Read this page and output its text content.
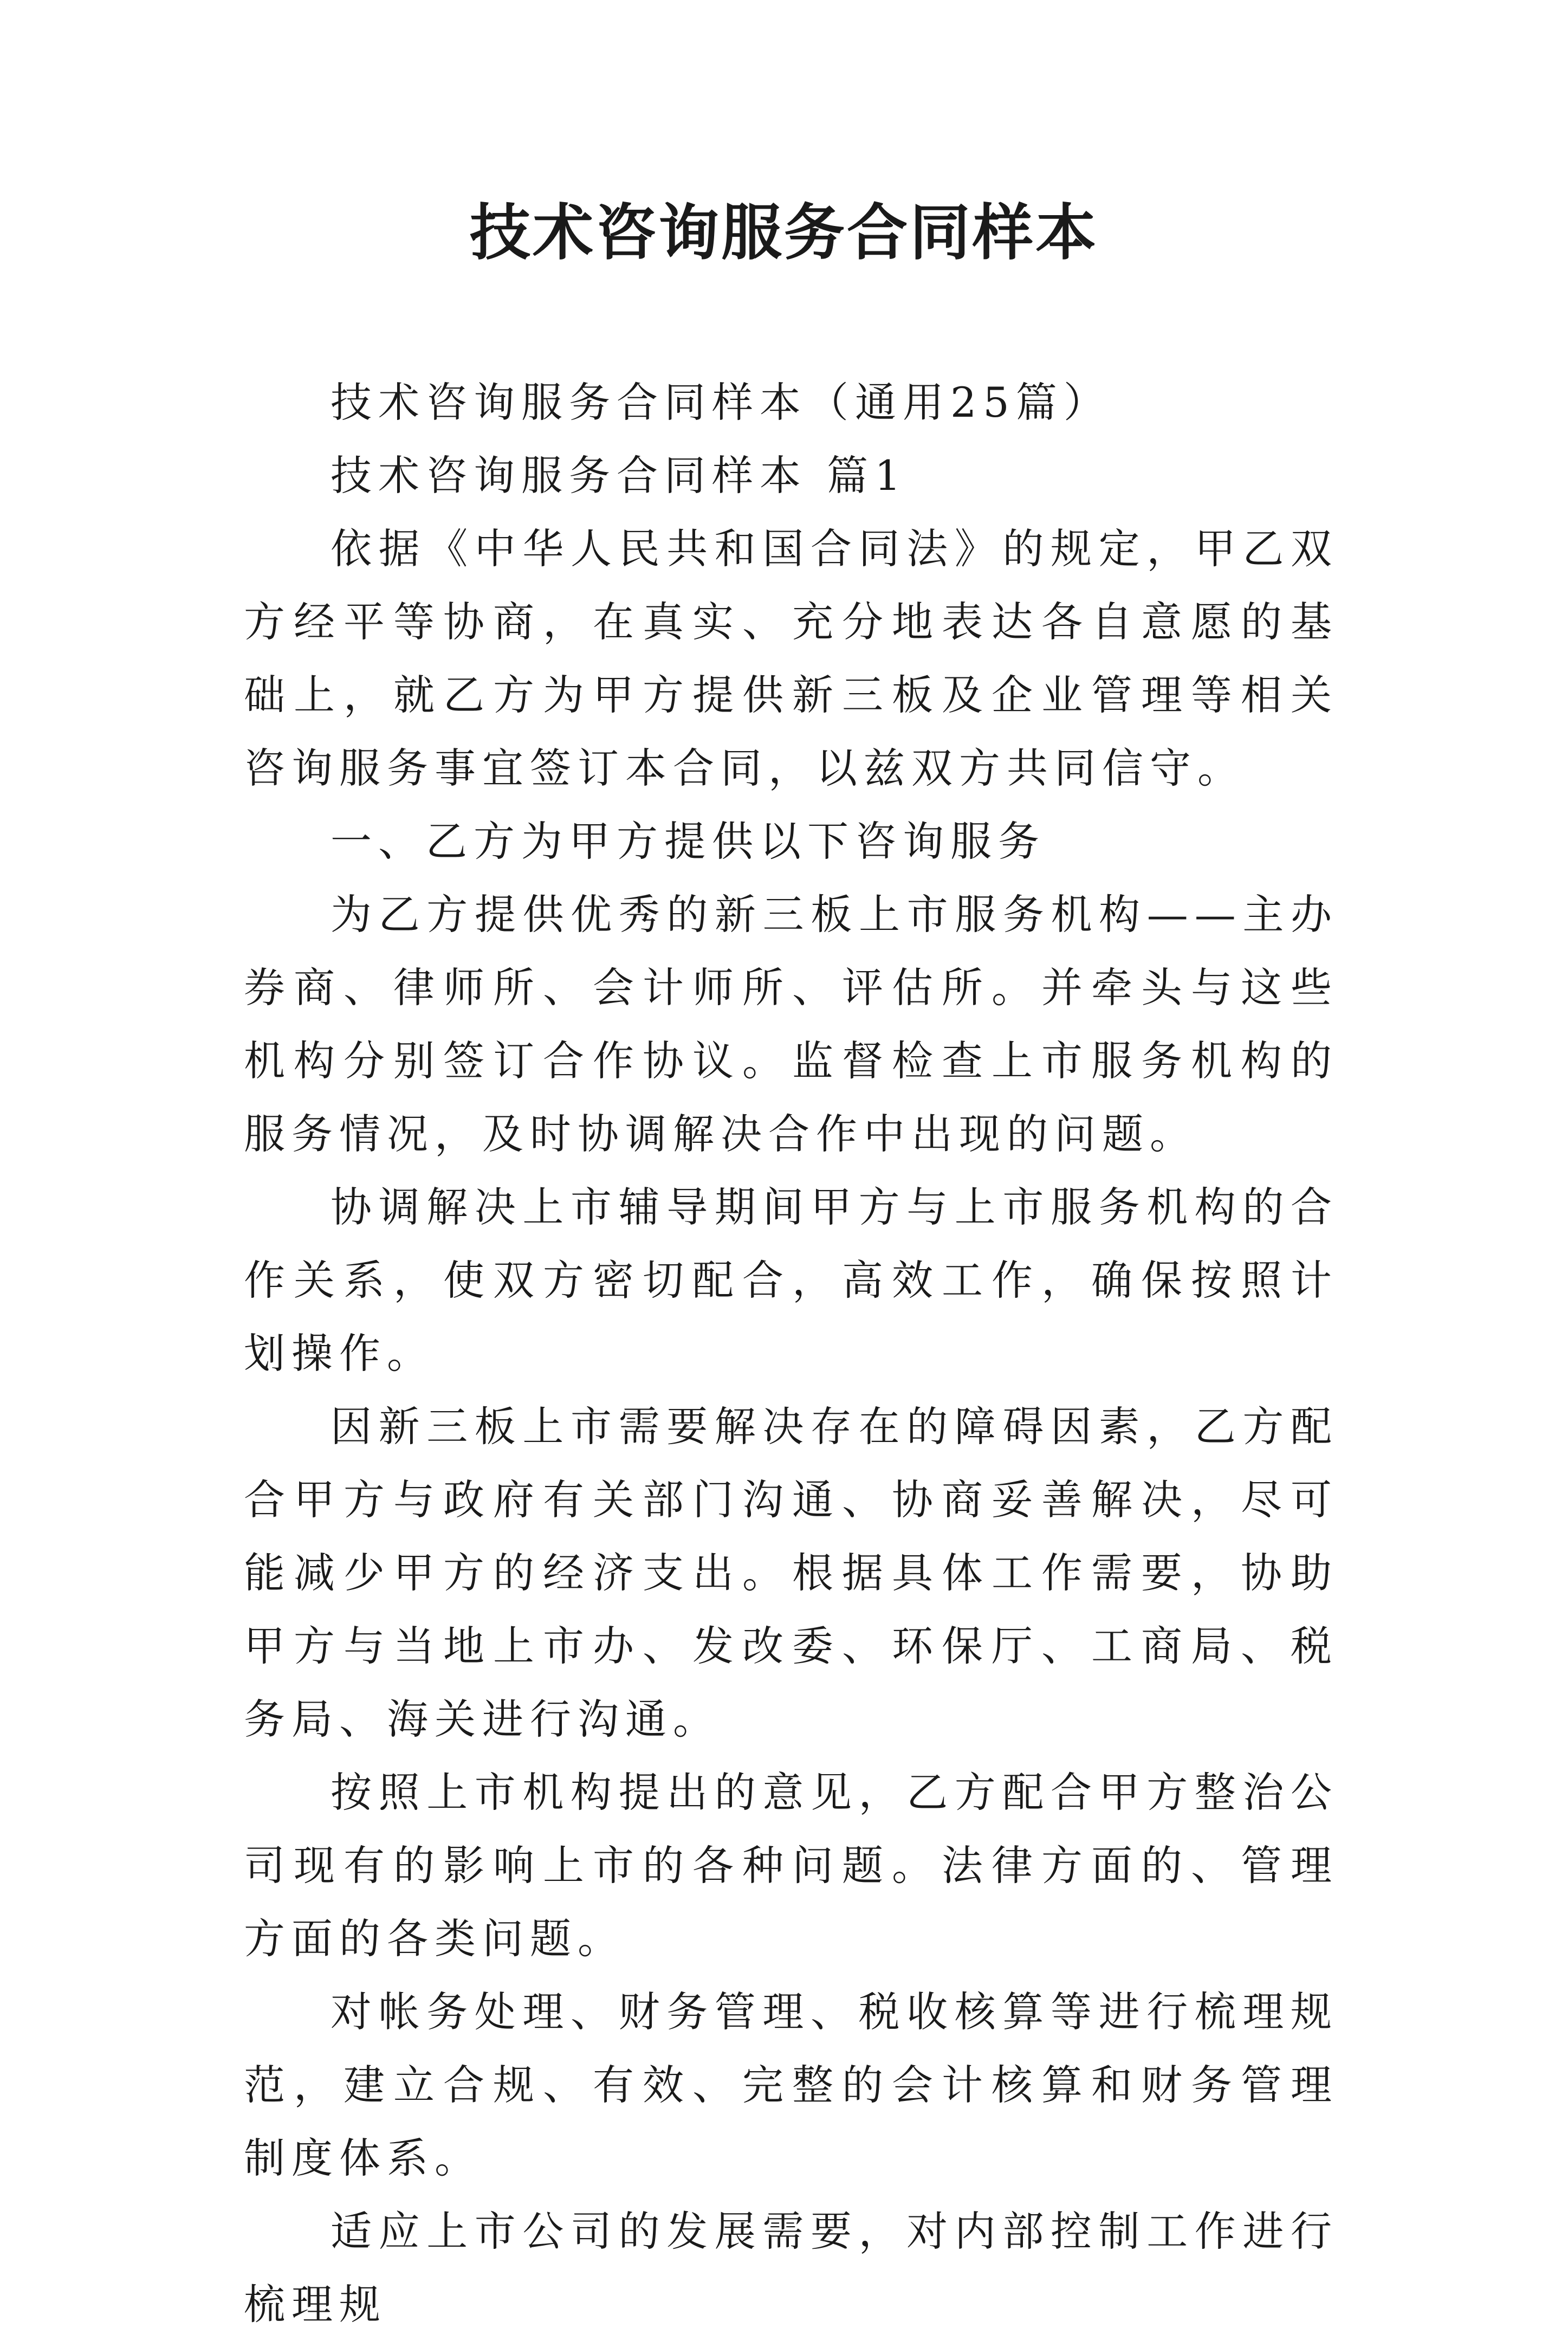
技术咨询服务合同样本

技术咨询服务合同样本（通用25篇）

技术咨询服务合同样本 篇1

依据《中华人民共和国合同法》的规定，甲乙双方经平等协商，在真实、充分地表达各自意愿的基础上，就乙方为甲方提供新三板及企业管理等相关咨询服务事宜签订本合同，以兹双方共同信守。

一、乙方为甲方提供以下咨询服务

为乙方提供优秀的新三板上市服务机构——主办券商、律师所、会计师所、评估所。并牵头与这些机构分别签订合作协议。监督检查上市服务机构的服务情况，及时协调解决合作中出现的问题。

协调解决上市辅导期间甲方与上市服务机构的合作关系，使双方密切配合，高效工作，确保按照计划操作。

因新三板上市需要解决存在的障碍因素，乙方配合甲方与政府有关部门沟通、协商妥善解决，尽可能减少甲方的经济支出。根据具体工作需要，协助甲方与当地上市办、发改委、环保厅、工商局、税务局、海关进行沟通。

按照上市机构提出的意见，乙方配合甲方整治公司现有的影响上市的各种问题。法律方面的、管理方面的各类问题。

对帐务处理、财务管理、税收核算等进行梳理规范，建立合规、有效、完整的会计核算和财务管理制度体系。

适应上市公司的发展需要，对内部控制工作进行梳理规
